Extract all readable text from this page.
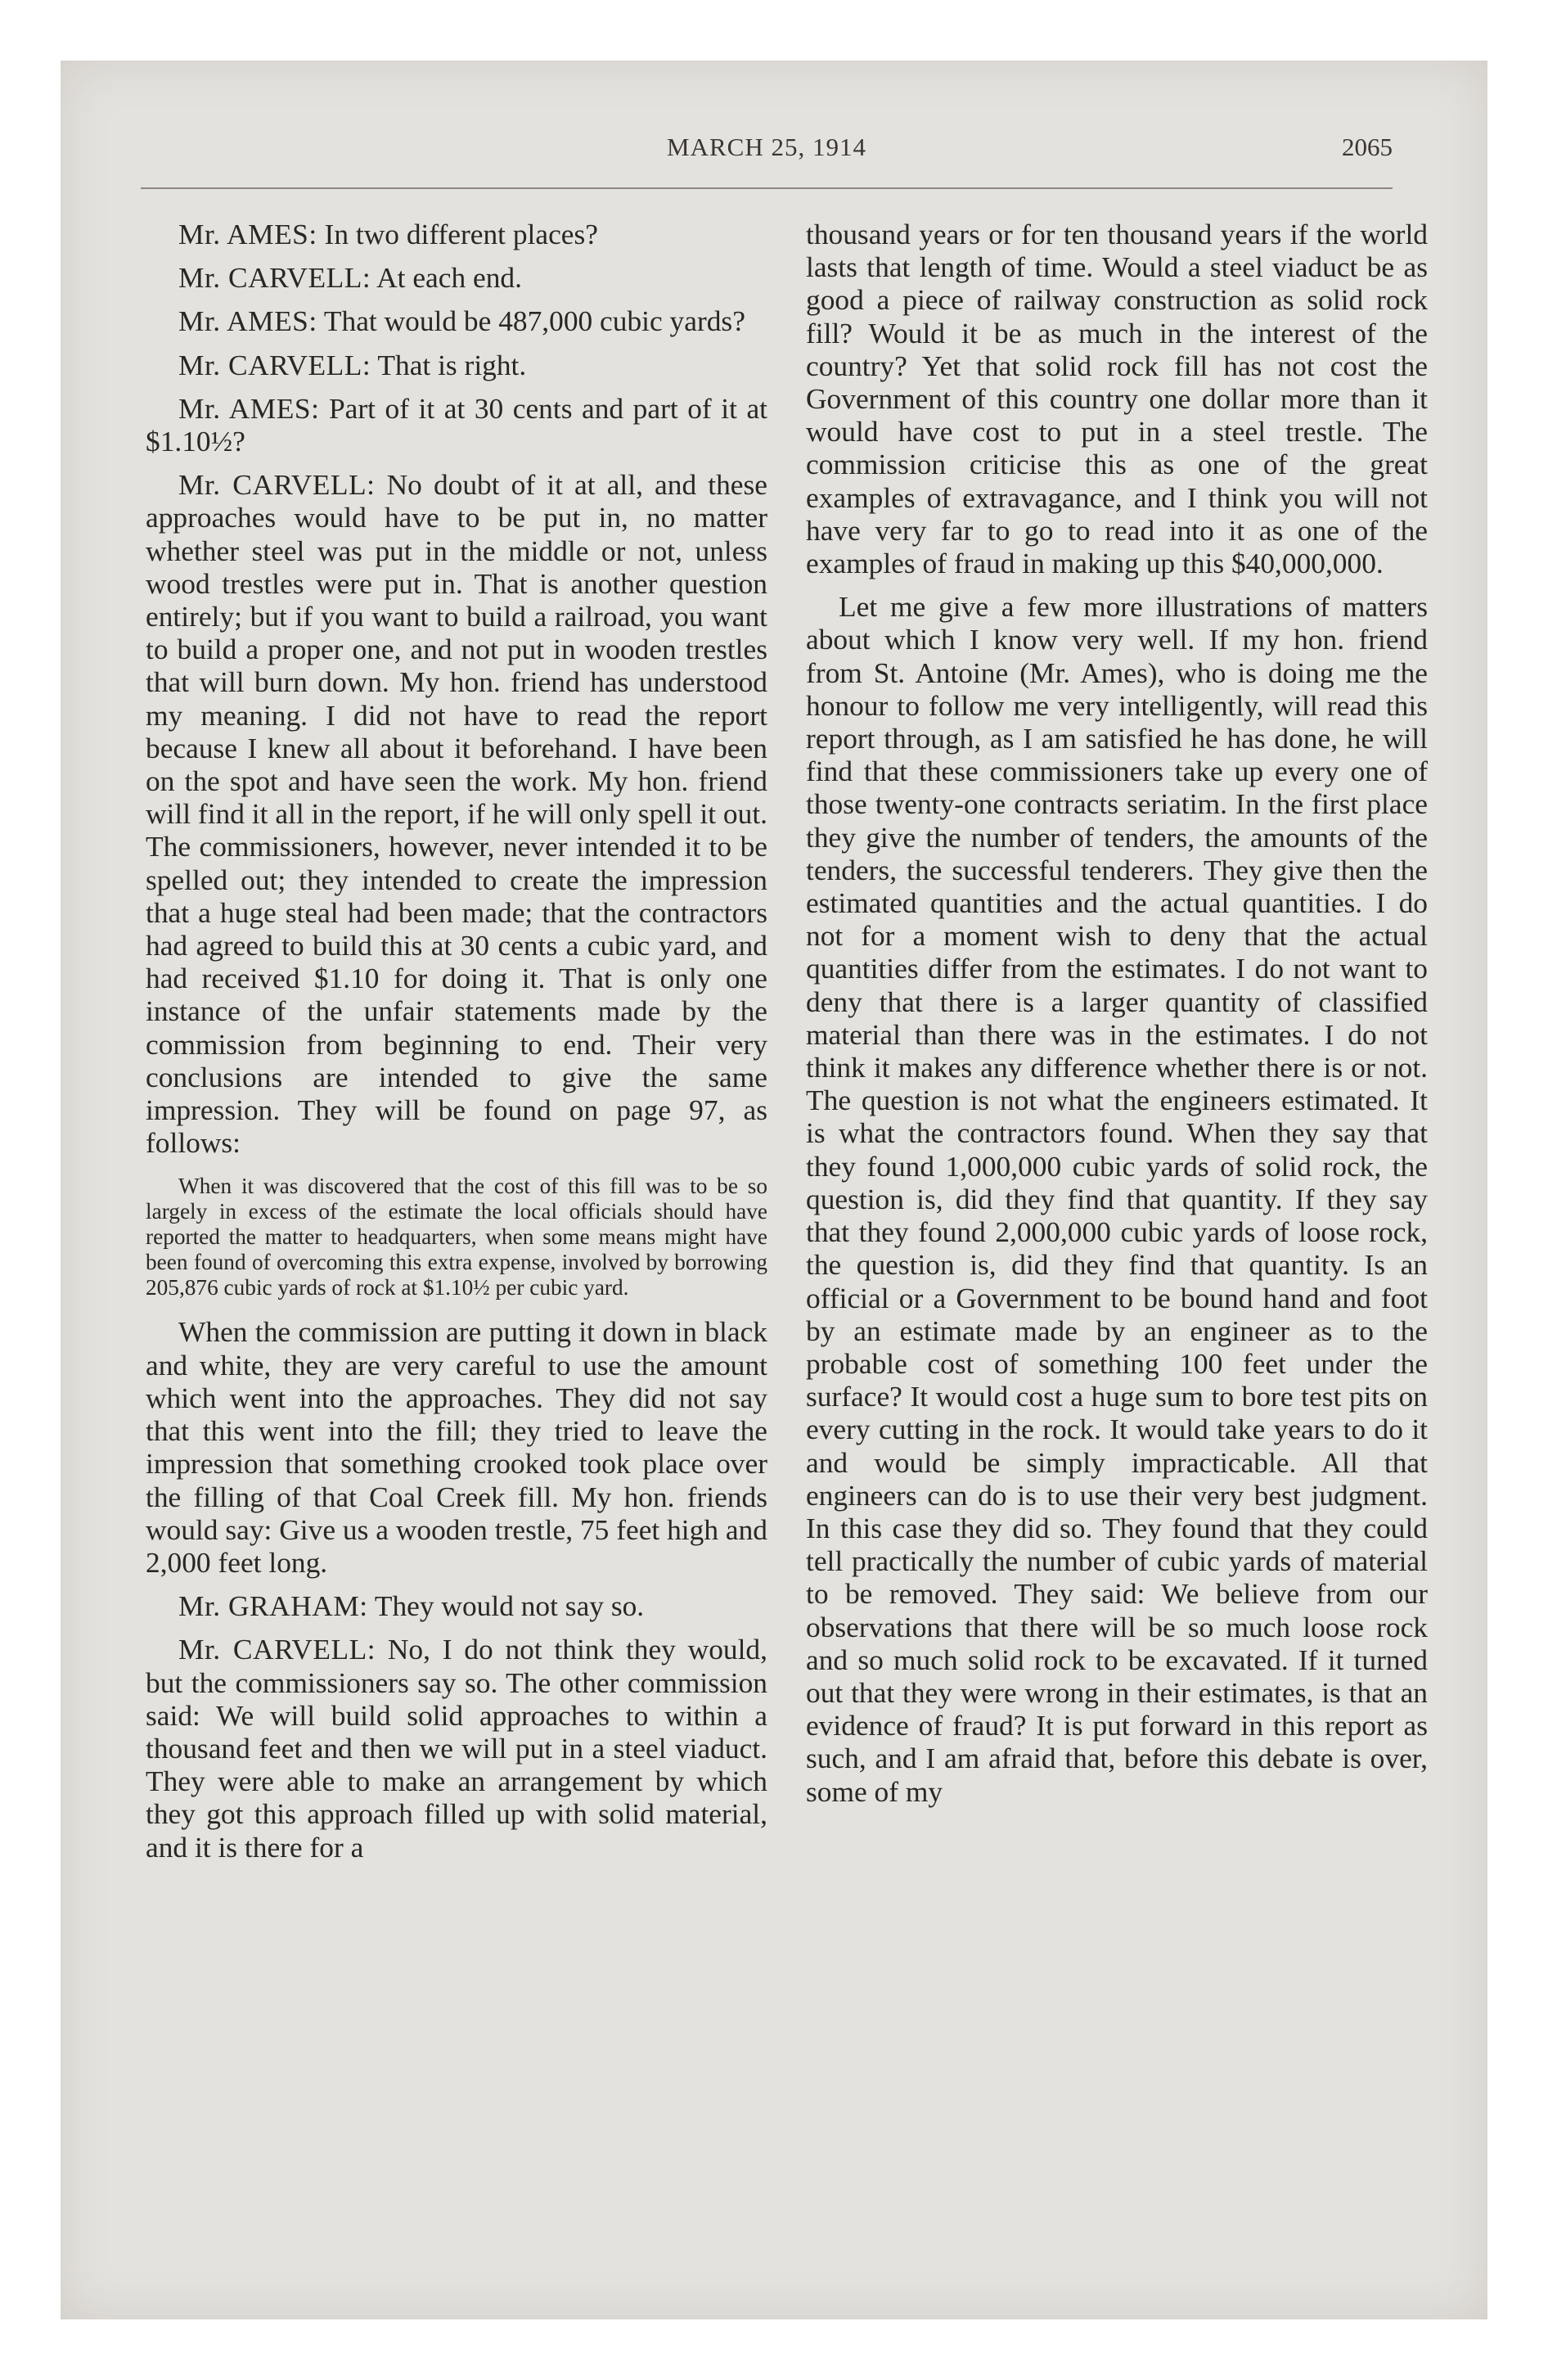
MARCH 25, 1914	2065

Mr. AMES: In two different places?

Mr. CARVELL: At each end.

Mr. AMES: That would be 487,000 cubic yards?

Mr. CARVELL: That is right.

Mr. AMES: Part of it at 30 cents and part of it at $1.10½?

Mr. CARVELL: No doubt of it at all, and these approaches would have to be put in, no matter whether steel was put in the middle or not, unless wood trestles were put in. That is another question entirely; but if you want to build a railroad, you want to build a proper one, and not put in wooden trestles that will burn down. My hon. friend has understood my meaning. I did not have to read the report because I knew all about it beforehand. I have been on the spot and have seen the work. My hon. friend will find it all in the report, if he will only spell it out. The commissioners, however, never intended it to be spelled out; they intended to create the impression that a huge steal had been made; that the contractors had agreed to build this at 30 cents a cubic yard, and had received $1.10 for doing it. That is only one instance of the unfair statements made by the commission from beginning to end. Their very conclusions are intended to give the same impression. They will be found on page 97, as follows:

When it was discovered that the cost of this fill was to be so largely in excess of the estimate the local officials should have reported the matter to headquarters, when some means might have been found of overcoming this extra expense, involved by borrowing 205,876 cubic yards of rock at $1.10½ per cubic yard.

When the commission are putting it down in black and white, they are very careful to use the amount which went into the approaches. They did not say that this went into the fill; they tried to leave the impression that something crooked took place over the filling of that Coal Creek fill. My hon. friends would say: Give us a wooden trestle, 75 feet high and 2,000 feet long.

Mr. GRAHAM: They would not say so.

Mr. CARVELL: No, I do not think they would, but the commissioners say so. The other commission said: We will build solid approaches to within a thousand feet and then we will put in a steel viaduct. They were able to make an arrangement by which they got this approach filled up with solid material, and it is there for a

thousand years or for ten thousand years if the world lasts that length of time. Would a steel viaduct be as good a piece of railway construction as solid rock fill? Would it be as much in the interest of the country? Yet that solid rock fill has not cost the Government of this country one dollar more than it would have cost to put in a steel trestle. The commission criticise this as one of the great examples of extravagance, and I think you will not have very far to go to read into it as one of the examples of fraud in making up this $40,000,000.

Let me give a few more illustrations of matters about which I know very well. If my hon. friend from St. Antoine (Mr. Ames), who is doing me the honour to follow me very intelligently, will read this report through, as I am satisfied he has done, he will find that these commissioners take up every one of those twenty-one contracts seriatim. In the first place they give the number of tenders, the amounts of the tenders, the successful tenderers. They give then the estimated quantities and the actual quantities. I do not for a moment wish to deny that the actual quantities differ from the estimates. I do not want to deny that there is a larger quantity of classified material than there was in the estimates. I do not think it makes any difference whether there is or not. The question is not what the engineers estimated. It is what the contractors found. When they say that they found 1,000,000 cubic yards of solid rock, the question is, did they find that quantity. If they say that they found 2,000,000 cubic yards of loose rock, the question is, did they find that quantity. Is an official or a Government to be bound hand and foot by an estimate made by an engineer as to the probable cost of something 100 feet under the surface? It would cost a huge sum to bore test pits on every cutting in the rock. It would take years to do it and would be simply impracticable. All that engineers can do is to use their very best judgment. In this case they did so. They found that they could tell practically the number of cubic yards of material to be removed. They said: We believe from our observations that there will be so much loose rock and so much solid rock to be excavated. If it turned out that they were wrong in their estimates, is that an evidence of fraud? It is put forward in this report as such, and I am afraid that, before this debate is over, some of my
